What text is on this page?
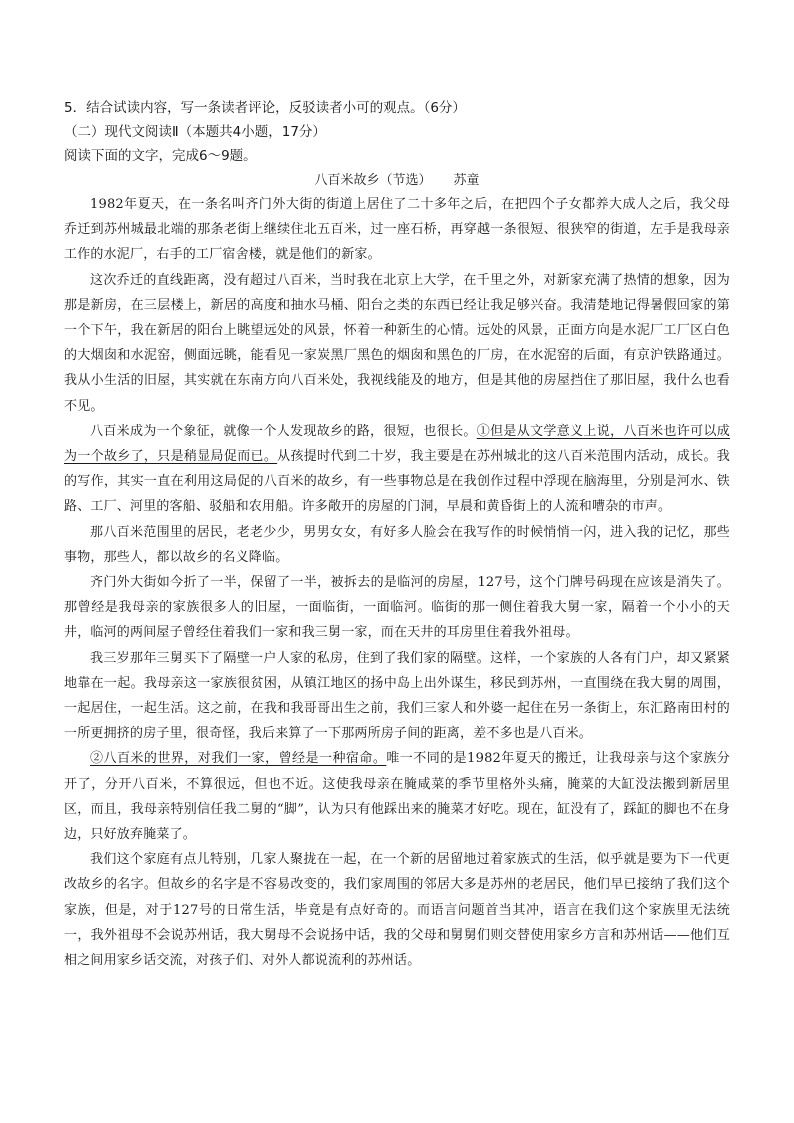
5．结合试读内容，写一条读者评论，反驳读者小可的观点。（6分）

（二）现代文阅读Ⅱ（本题共4小题，17分）

阅读下面的文字，完成6～9题。

八百米故乡（节选） 苏童

1982年夏天，在一条名叫齐门外大街的街道上居住了二十多年之后，在把四个子女都养大成人之后，我父母乔迁到苏州城最北端的那条老街上继续住北五百米，过一座石桥，再穿越一条很短、很狭窄的街道，左手是我母亲工作的水泥厂，右手的工厂宿舍楼，就是他们的新家。

这次乔迁的直线距离，没有超过八百米，当时我在北京上大学，在千里之外，对新家充满了热情的想象，因为那是新房，在三层楼上，新居的高度和抽水马桶、阳台之类的东西已经让我足够兴奋。我清楚地记得暑假回家的第一个下午，我在新居的阳台上眺望远处的风景，怀着一种新生的心情。远处的风景，正面方向是水泥厂工厂区白色的大烟囱和水泥窑，侧面远眺，能看见一家炭黑厂黑色的烟囱和黑色的厂房，在水泥窑的后面，有京沪铁路通过。我从小生活的旧屋，其实就在东南方向八百米处，我视线能及的地方，但是其他的房屋挡住了那旧屋，我什么也看不见。

八百米成为一个象征，就像一个人发现故乡的路，很短，也很长。①但是从文学意义上说，八百米也许可以成为一个故乡了，只是稍显局促而已。从孩提时代到二十岁，我主要是在苏州城北的这八百米范围内活动，成长。我的写作，其实一直在利用这局促的八百米的故乡，有一些事物总是在我创作过程中浮现在脑海里，分别是河水、铁路、工厂、河里的客船、驳船和农用船。许多敞开的房屋的门洞，早晨和黄昏街上的人流和嘈杂的市声。

那八百米范围里的居民，老老少少，男男女女，有好多人脸会在我写作的时候悄悄一闪，进入我的记忆，那些事物，那些人，都以故乡的名义降临。

齐门外大街如今折了一半，保留了一半，被拆去的是临河的房屋，127号，这个门牌号码现在应该是消失了。那曾经是我母亲的家族很多人的旧屋，一面临街，一面临河。临街的那一侧住着我大舅一家，隔着一个小小的天井，临河的两间屋子曾经住着我们一家和我三舅一家，而在天井的耳房里住着我外祖母。

我三岁那年三舅买下了隔壁一户人家的私房，住到了我们家的隔壁。这样，一个家族的人各有门户，却又紧紧地靠在一起。我母亲这一家族很贫困，从镇江地区的扬中岛上出外谋生，移民到苏州，一直围绕在我大舅的周围，一起居住，一起生活。这之前，在我和我哥哥出生之前，我们三家人和外婆一起住在另一条街上，东汇路南田村的一所更拥挤的房子里，很奇怪，我后来算了一下那两所房子间的距离，差不多也是八百米。

②八百米的世界，对我们一家，曾经是一种宿命。唯一不同的是1982年夏天的搬迁，让我母亲与这个家族分开了，分开八百米，不算很远，但也不近。这使我母亲在腌咸菜的季节里格外头痛，腌菜的大缸没法搬到新居里区，而且，我母亲特别信任我二舅的“脚”，认为只有他踩出来的腌菜才好吃。现在，缸没有了，踩缸的脚也不在身边，只好放弃腌菜了。

我们这个家庭有点儿特别，几家人聚拢在一起，在一个新的居留地过着家族式的生活，似乎就是要为下一代更改故乡的名字。但故乡的名字是不容易改变的，我们家周围的邻居大多是苏州的老居民，他们早已接纳了我们这个家族，但是，对于127号的日常生活，毕竟是有点好奇的。而语言问题首当其冲，语言在我们这个家族里无法统一，我外祖母不会说苏州话，我大舅母不会说扬中话，我的父母和舅舅们则交替使用家乡方言和苏州话——他们互相之间用家乡话交流，对孩子们、对外人都说流利的苏州话。
